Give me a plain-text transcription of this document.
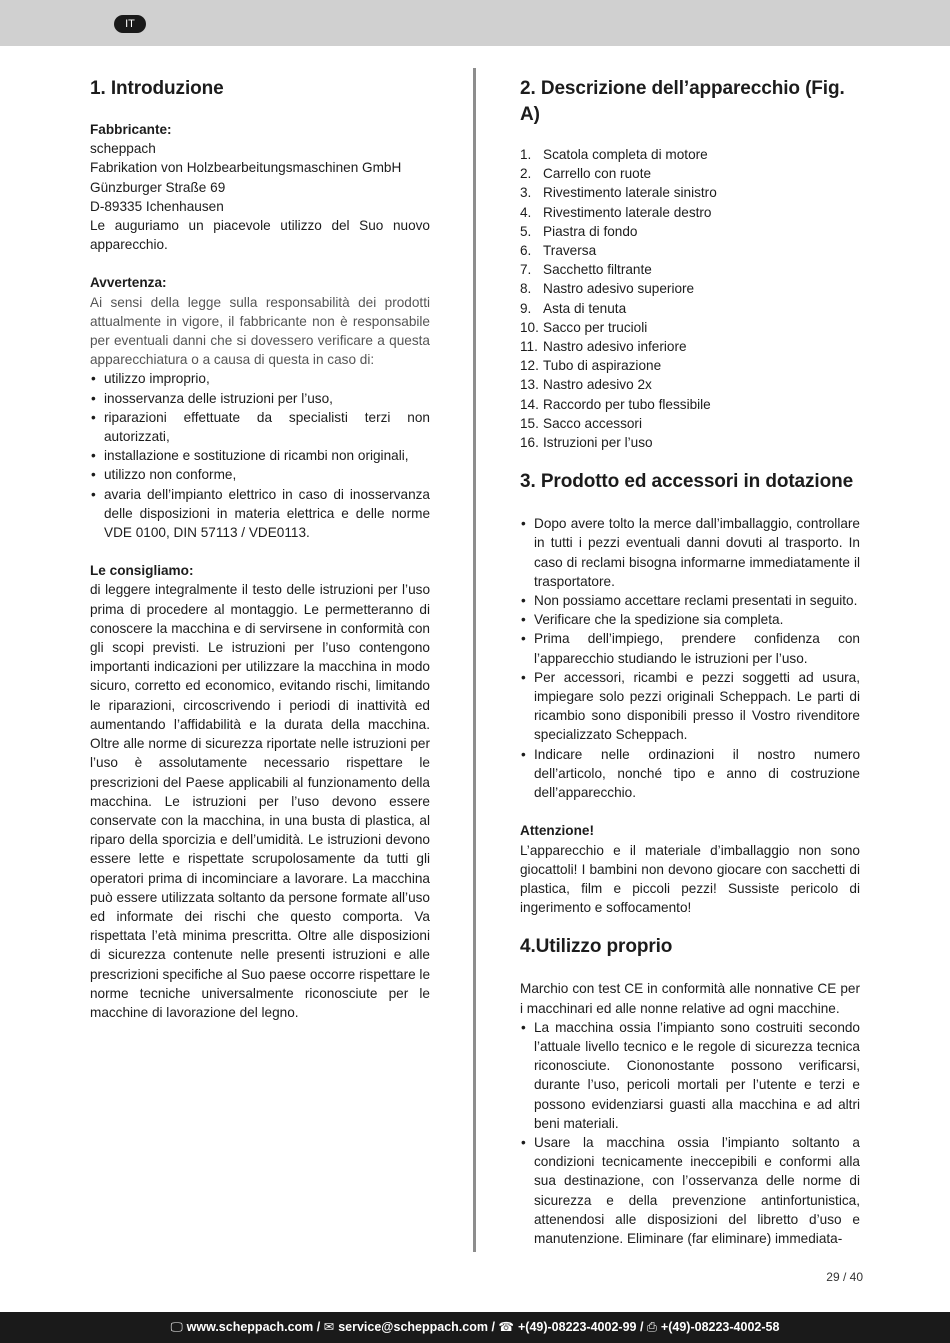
IT
1. Introduzione
Fabbricante:
scheppach
Fabrikation von Holzbearbeitungsmaschinen GmbH
Günzburger Straße 69
D-89335 Ichenhausen
Le auguriamo un piacevole utilizzo del Suo nuovo apparecchio.
Avvertenza:
Ai sensi della legge sulla responsabilità dei prodotti attualmente in vigore, il fabbricante non è responsabile per eventuali danni che si dovessero verificare a questa apparecchiatura o a causa di questa in caso di:
• utilizzo improprio,
• inosservanza delle istruzioni per l’uso,
• riparazioni effettuate da specialisti terzi non autorizzati,
• installazione e sostituzione di ricambi non originali,
• utilizzo non conforme,
• avaria dell’impianto elettrico in caso di inosservanza delle disposizioni in materia elettrica e delle norme VDE 0100, DIN 57113 / VDE0113.
Le consigliamo:
di leggere integralmente il testo delle istruzioni per l’uso prima di procedere al montaggio. Le permetteranno di conoscere la macchina e di servirsene in conformità con gli scopi previsti. Le istruzioni per l’uso contengono importanti indicazioni per utilizzare la macchina in modo sicuro, corretto ed economico, evitando rischi, limitando le riparazioni, circoscrivendo i periodi di inattività ed aumentando l’affidabilità e la durata della macchina. Oltre alle norme di sicurezza riportate nelle istruzioni per l’uso è assolutamente necessario rispettare le prescrizioni del Paese applicabili al funzionamento della macchina. Le istruzioni per l’uso devono essere conservate con la macchina, in una busta di plastica, al riparo della sporcizia e dell’umidità. Le istruzioni devono essere lette e rispettate scrupolosamente da tutti gli operatori prima di incominciare a lavorare. La macchina può essere utilizzata soltanto da persone formate all’uso ed informate dei rischi che questo comporta. Va rispettata l’età minima prescritta. Oltre alle disposizioni di sicurezza contenute nelle presenti istruzioni e alle prescrizioni specifiche al Suo paese occorre rispettare le norme tecniche universalmente riconosciute per le macchine di lavorazione del legno.
2. Descrizione dell’apparecchio (Fig. A)
1. Scatola completa di motore
2. Carrello con ruote
3. Rivestimento laterale sinistro
4. Rivestimento laterale destro
5. Piastra di fondo
6. Traversa
7. Sacchetto filtrante
8. Nastro adesivo superiore
9. Asta di tenuta
10. Sacco per trucioli
11. Nastro adesivo inferiore
12. Tubo di aspirazione
13. Nastro adesivo 2x
14. Raccordo per tubo flessibile
15. Sacco accessori
16. Istruzioni per l’uso
3. Prodotto ed accessori in dotazione
• Dopo avere tolto la merce dall’imballaggio, controllare in tutti i pezzi eventuali danni dovuti al trasporto. In caso di reclami bisogna informarne immediatamente il trasportatore.
• Non possiamo accettare reclami presentati in seguito.
• Verificare che la spedizione sia completa.
• Prima dell’impiego, prendere confidenza con l’apparecchio studiando le istruzioni per l’uso.
• Per accessori, ricambi e pezzi soggetti ad usura, impiegare solo pezzi originali Scheppach. Le parti di ricambio sono disponibili presso il Vostro rivenditore specializzato Scheppach.
• Indicare nelle ordinazioni il nostro numero dell’articolo, nonché tipo e anno di costruzione dell’apparecchio.
Attenzione!
L’apparecchio e il materiale d’imballaggio non sono giocattoli! I bambini non devono giocare con sacchetti di plastica, film e piccoli pezzi! Sussiste pericolo di ingerimento e soffocamento!
4.Utilizzo proprio
Marchio con test CE in conformità alle nonnative CE per i macchinari ed alle nonne relative ad ogni macchine.
• La macchina ossia l’impianto sono costruiti secondo l’attuale livello tecnico e le regole di sicurezza tecnica riconosciute. Ciononostante possono verificarsi, durante l’uso, pericoli mortali per l’utente e terzi e possono evidenziarsi guasti alla macchina e ad altri beni materiali.
• Usare la macchina ossia l’impianto soltanto a condizioni tecnicamente ineccepibili e conformi alla sua destinazione, con l’osservanza delle norme di sicurezza e della prevenzione antinfortunistica, attenendosi alle disposizioni del libretto d’uso e manutenzione. Eliminare (far eliminare) immediata-
29 / 40
🖵 www.scheppach.com / ✉ service@scheppach.com / ☎ +(49)-08223-4002-99 / ⎙ +(49)-08223-4002-58
